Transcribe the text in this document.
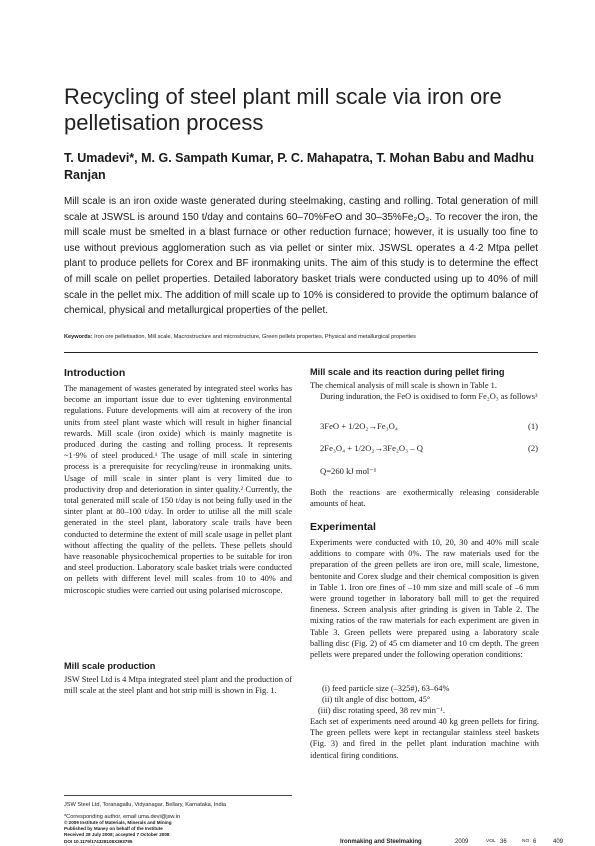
Recycling of steel plant mill scale via iron ore pelletisation process
T. Umadevi*, M. G. Sampath Kumar, P. C. Mahapatra, T. Mohan Babu and Madhu Ranjan
Mill scale is an iron oxide waste generated during steelmaking, casting and rolling. Total generation of mill scale at JSWSL is around 150 t/day and contains 60–70%FeO and 30–35%Fe₂O₃. To recover the iron, the mill scale must be smelted in a blast furnace or other reduction furnace; however, it is usually too fine to use without previous agglomeration such as via pellet or sinter mix. JSWSL operates a 4·2 Mtpa pellet plant to produce pellets for Corex and BF ironmaking units. The aim of this study is to determine the effect of mill scale on pellet properties. Detailed laboratory basket trials were conducted using up to 40% of mill scale in the pellet mix. The addition of mill scale up to 10% is considered to provide the optimum balance of chemical, physical and metallurgical properties of the pellet.
Keywords: Iron ore pelletisation, Mill scale, Macrostructure and microstructure, Green pellets properties, Physical and metallurgical properties
Introduction
The management of wastes generated by integrated steel works has become an important issue due to ever tightening environmental regulations. Future developments will aim at recovery of the iron units from steel plant waste which will result in higher financial rewards. Mill scale (iron oxide) which is mainly magnetite is produced during the casting and rolling process. It represents ~1·9% of steel produced.¹ The usage of mill scale in sintering process is a prerequisite for recycling/reuse in ironmaking units. Usage of mill scale in sinter plant is very limited due to productivity drop and deterioration in sinter quality.² Currently, the total generated mill scale of 150 t/day is not being fully used in the sinter plant at 80–100 t/day. In order to utilise all the mill scale generated in the steel plant, laboratory scale trails have been conducted to determine the extent of mill scale usage in pellet plant without affecting the quality of the pellets. These pellets should have reasonable physicochemical properties to be suitable for iron and steel production. Laboratory scale basket trials were conducted on pellets with different level mill scales from 10 to 40% and microscopic studies were carried out using polarised microscope.
Mill scale production
JSW Steel Ltd is 4 Mtpa integrated steel plant and the production of mill scale at the steel plant and hot strip mill is shown in Fig. 1.
JSW Steel Ltd, Toranagallu, Vidyanagar, Bellary, Karnataka, India
*Corresponding author, email uma.devi@jsw.in
© 2009 Institute of Materials, Minerals and Mining
Published by Maney on behalf of the Institute
Received 28 July 2008; accepted 7 October 2008
DOI 10.1179/174328108X393795
Mill scale and its reaction during pellet firing
The chemical analysis of mill scale is shown in Table 1.
During induration, the FeO is oxidised to form Fe₂O₃ as follows³
3FeO + 1/2O₂→Fe₃O₄	(1)
2Fe₃O₄ + 1/2O₂→3Fe₂O₃ – Q	(2)
Q=260 kJ mol⁻¹
Both the reactions are exothermically releasing considerable amounts of heat.
Experimental
Experiments were conducted with 10, 20, 30 and 40% mill scale additions to compare with 0%. The raw materials used for the preparation of the green pellets are iron ore, mill scale, limestone, bentonite and Corex sludge and their chemical composition is given in Table 1. Iron ore fines of –10 mm size and mill scale of –6 mm were ground together in laboratory ball mill to get the required fineness. Screen analysis after grinding is given in Table 2. The mixing ratios of the raw materials for each experiment are given in Table 3. Green pellets were prepared using a laboratory scale balling disc (Fig. 2) of 45 cm diameter and 10 cm depth. The green pellets were prepared under the following operation conditions:
(i) feed particle size (–325#), 63–64%
(ii) tilt angle of disc bottom, 45°
(iii) disc rotating speed, 38 rev min⁻¹.
Each set of experiments need around 40 kg green pellets for firing. The green pellets were kept in rectangular stainless steel baskets (Fig. 3) and fired in the pellet plant induration machine with identical firing conditions.
Ironmaking and Steelmaking	2009	VOL 36	NO 6	409
